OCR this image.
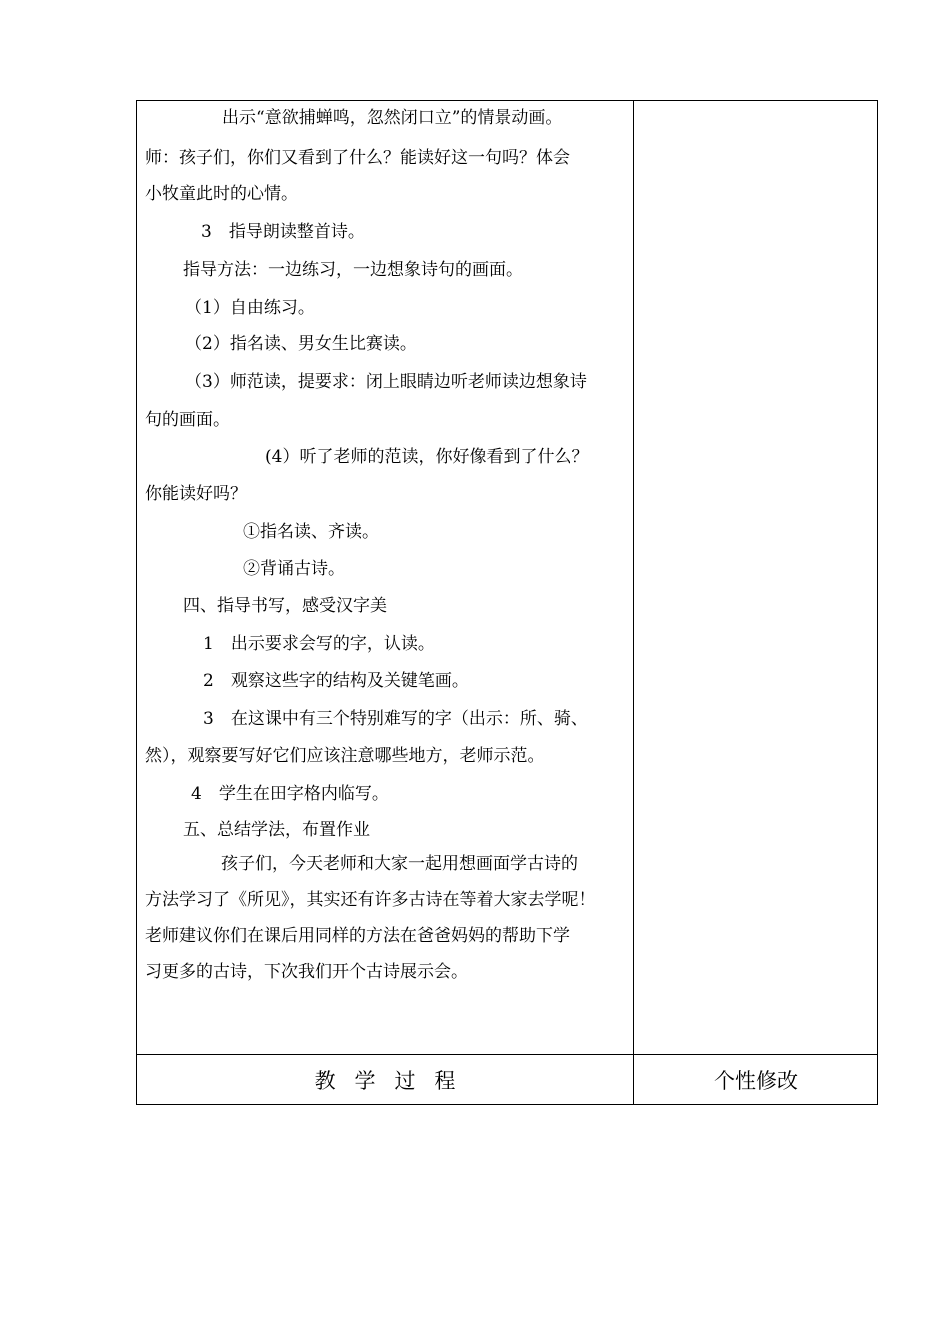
出示“意欲捕蝉鸣，忽然闭口立”的情景动画。
师：孩子们，你们又看到了什么？能读好这一句吗？体会
小牧童此时的心情。
3　指导朗读整首诗。
指导方法：一边练习，一边想象诗句的画面。
（1）自由练习。
（2）指名读、男女生比赛读。
（3）师范读，提要求：闭上眼睛边听老师读边想象诗
句的画面。
(4）听了老师的范读，你好像看到了什么？
你能读好吗？
①指名读、齐读。
②背诵古诗。
四、指导书写，感受汉字美
1　出示要求会写的字，认读。
2　观察这些字的结构及关键笔画。
3　在这课中有三个特别难写的字（出示：所、骑、
然），观察要写好它们应该注意哪些地方，老师示范。
4　学生在田字格内临写。
五、总结学法，布置作业
孩子们，今天老师和大家一起用想画面学古诗的
方法学习了《所见》，其实还有许多古诗在等着大家去学呢！
老师建议你们在课后用同样的方法在爸爸妈妈的帮助下学
习更多的古诗，下次我们开个古诗展示会。
教学过程	个性修改
